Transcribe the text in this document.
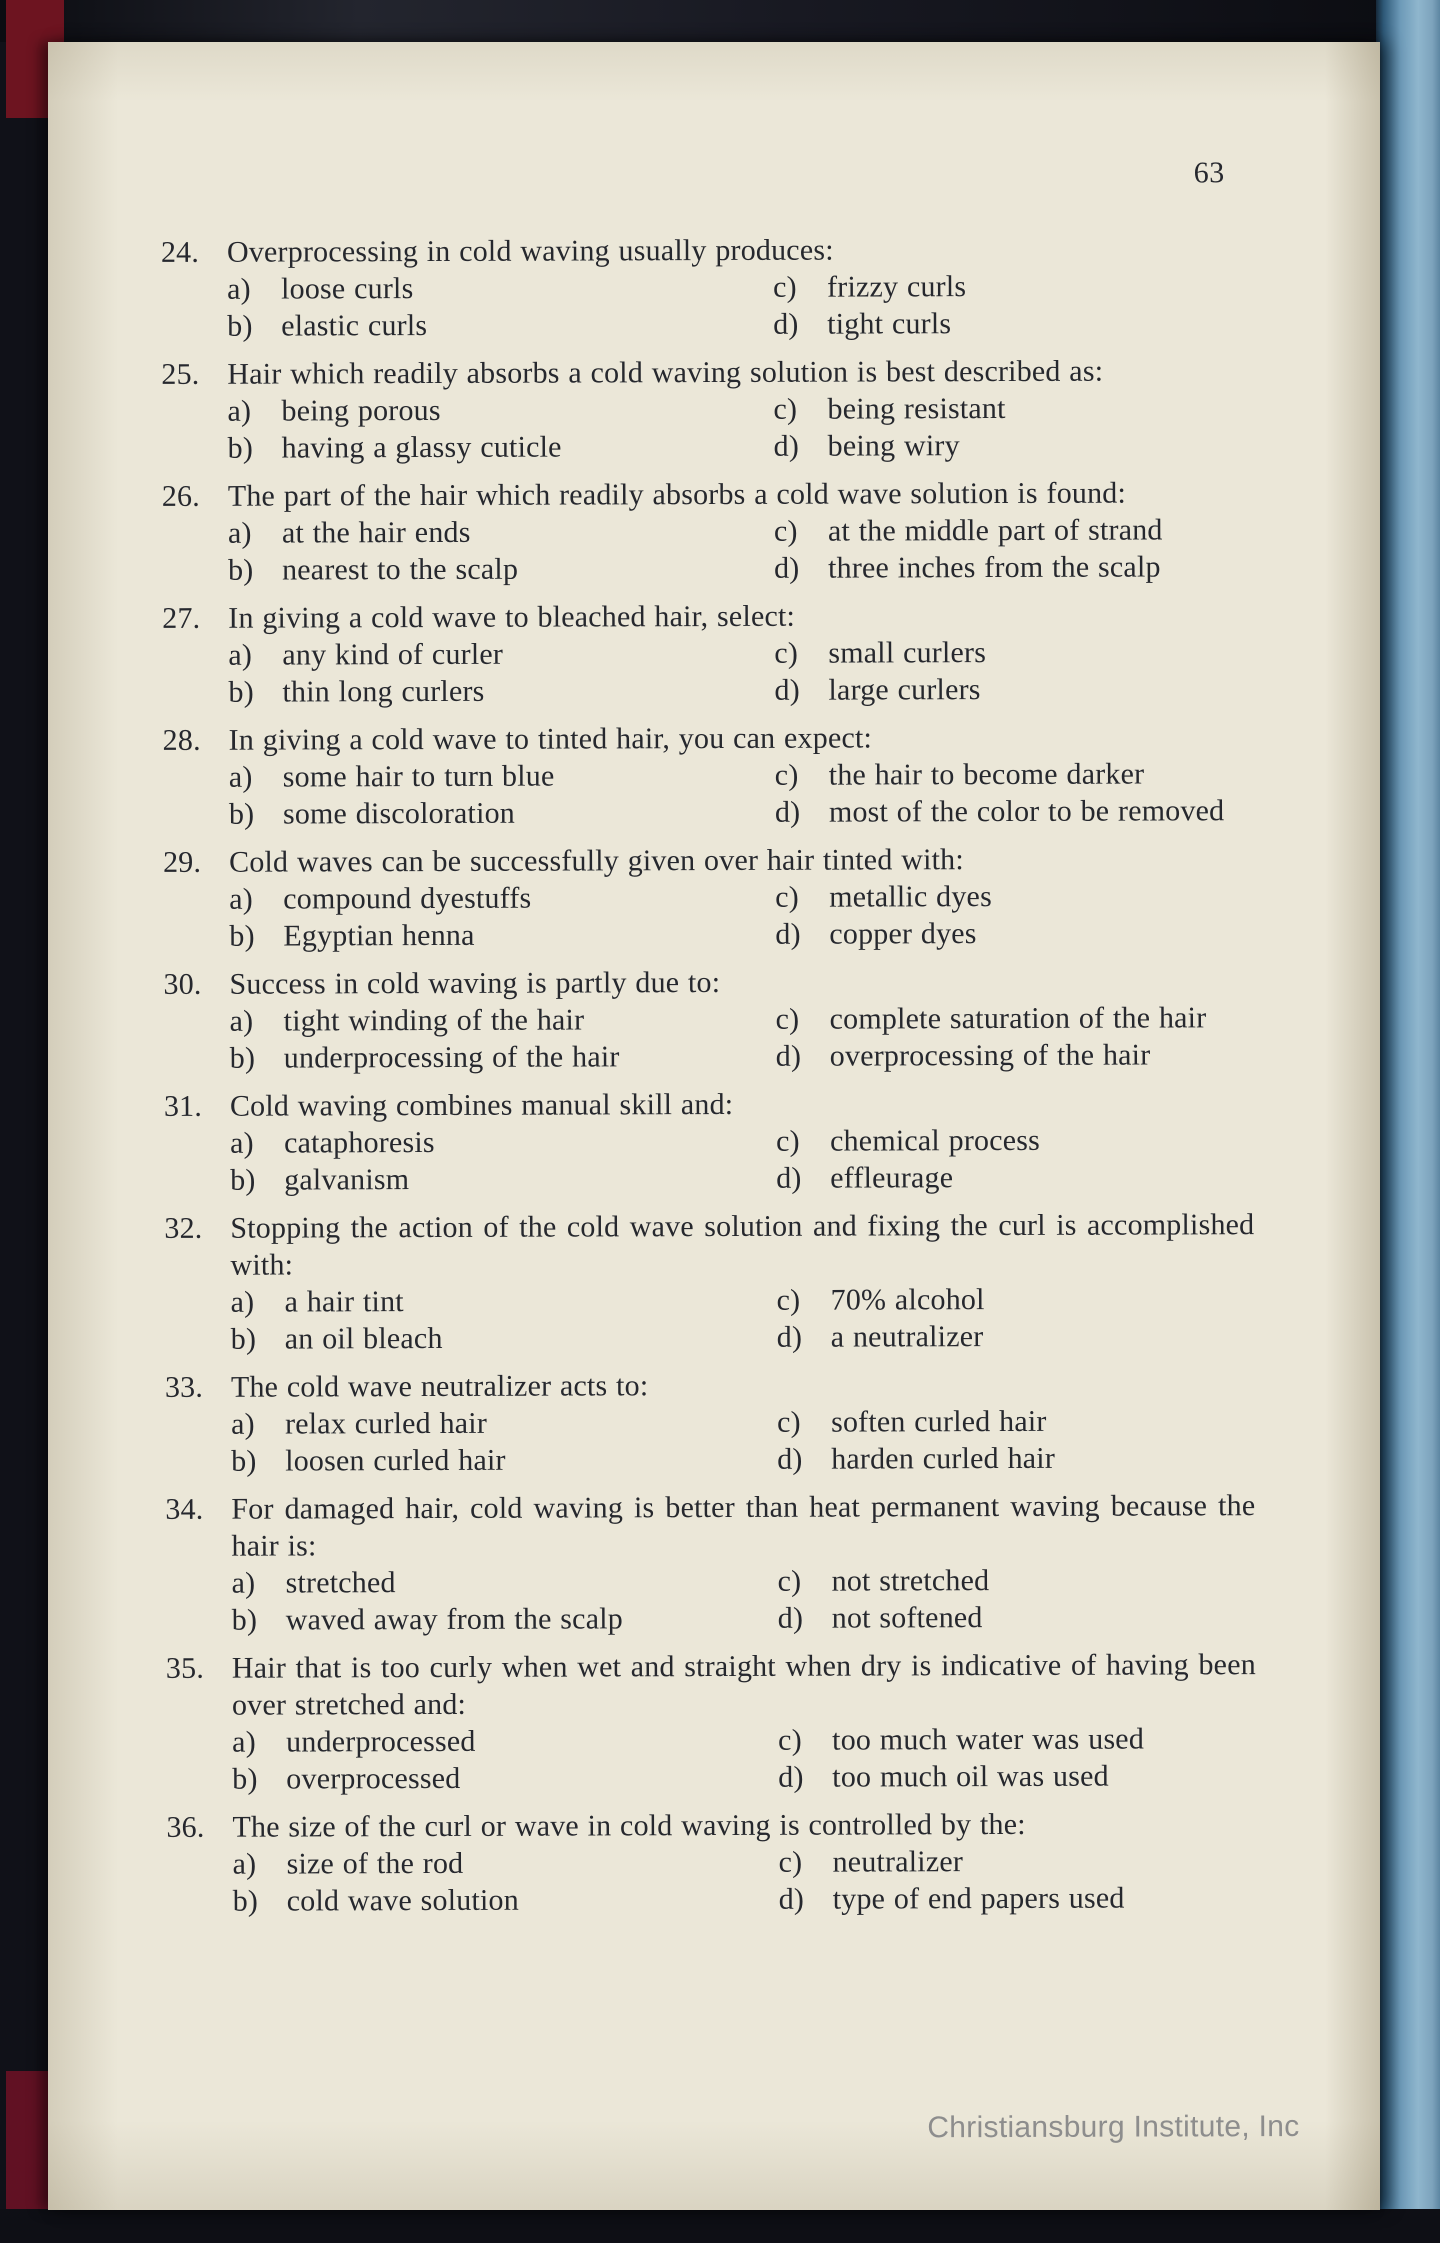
63
24. Overprocessing in cold waving usually produces:
a)	loose curls
b) elastic curls
c)	frizzy curls
d) tight curls
25. Hair which readily absorbs a cold waving solution is best described as:
a)	being porous
b) having a glassy cuticle
c)	being resistant
d) being wiry
26. The part of the hair which readily absorbs a cold wave solution is found:
a)	at the hair ends
b) nearest to the scalp
c)	at the middle part of strand
d) three inches from the scalp
27. In giving a cold wave to bleached hair, select:
a)	any kind of curler
b) thin long curlers
c)	small curlers
d) large curlers
28. In giving a cold wave to tinted hair, you can expect:
a)	some hair to turn blue
b) some discoloration
c)	the hair to become darker
d) most of the color to be removed
29. Cold waves can be successfully given over hair tinted with:
a)	compound dyestuffs
b) Egyptian henna
c)	metallic dyes
d) copper dyes
30. Success in cold waving is partly due to:
a)	tight winding of the hair
b) underprocessing of the hair
c)	complete saturation of the hair
d) overprocessing of the hair
31. Cold waving combines manual skill and:
a)	cataphoresis
b) galvanism
c)	chemical process
d) effleurage
32. Stopping the action of the cold wave solution and fixing the curl is accomplished with:
a)	a hair tint
b) an oil bleach
c)	70% alcohol
d) a neutralizer
33. The cold wave neutralizer acts to:
a)	relax curled hair
b) loosen curled hair
c)	soften curled hair
d) harden curled hair
34. For damaged hair, cold waving is better than heat permanent waving because the hair is:
a)	stretched
b) waved away from the scalp
c)	not stretched
d) not softened
35. Hair that is too curly when wet and straight when dry is indicative of having been over stretched and:
a)	underprocessed
b) overprocessed
c)	too much water was used
d) too much oil was used
36. The size of the curl or wave in cold waving is controlled by the:
a)	size of the rod
b) cold wave solution
c)	neutralizer
d) type of end papers used
Christiansburg Institute, Inc
